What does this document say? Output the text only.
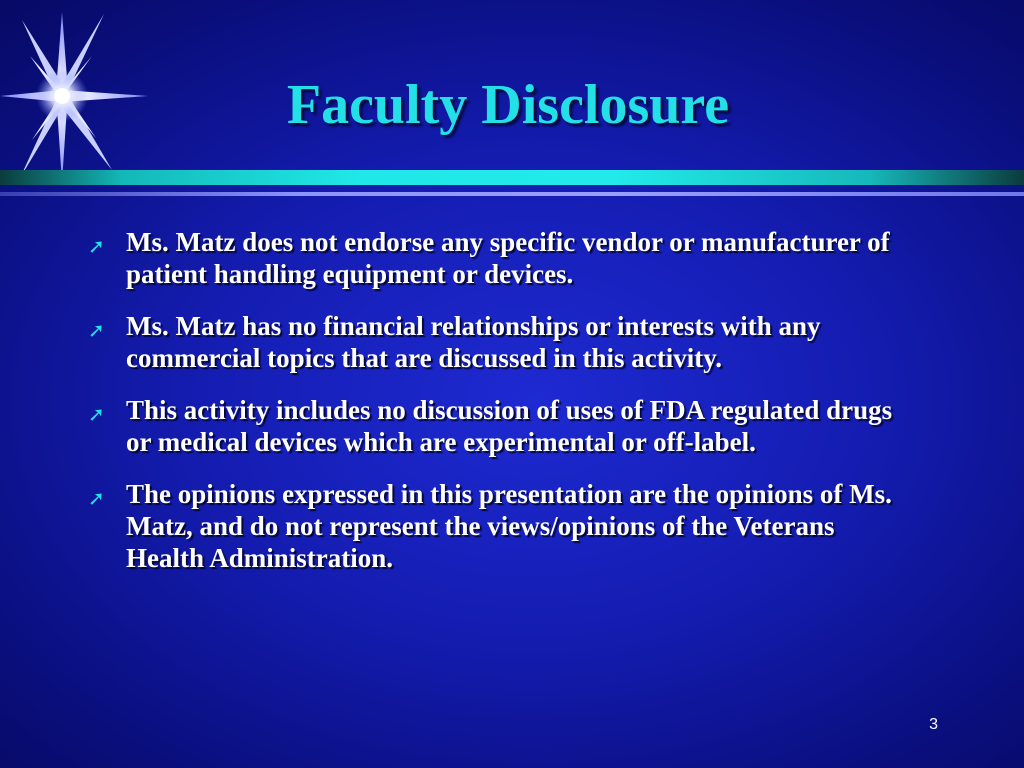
Faculty Disclosure
➚ Ms. Matz does not endorse any specific vendor or manufacturer of patient handling equipment or devices.
➚ Ms. Matz has no financial relationships or interests with any commercial topics that are discussed in this activity.
➚ This activity includes no discussion of uses of FDA regulated drugs or medical devices which are experimental or off-label.
➚ The opinions expressed in this presentation are the opinions of Ms. Matz, and do not represent the views/opinions of the Veterans Health Administration.
3
